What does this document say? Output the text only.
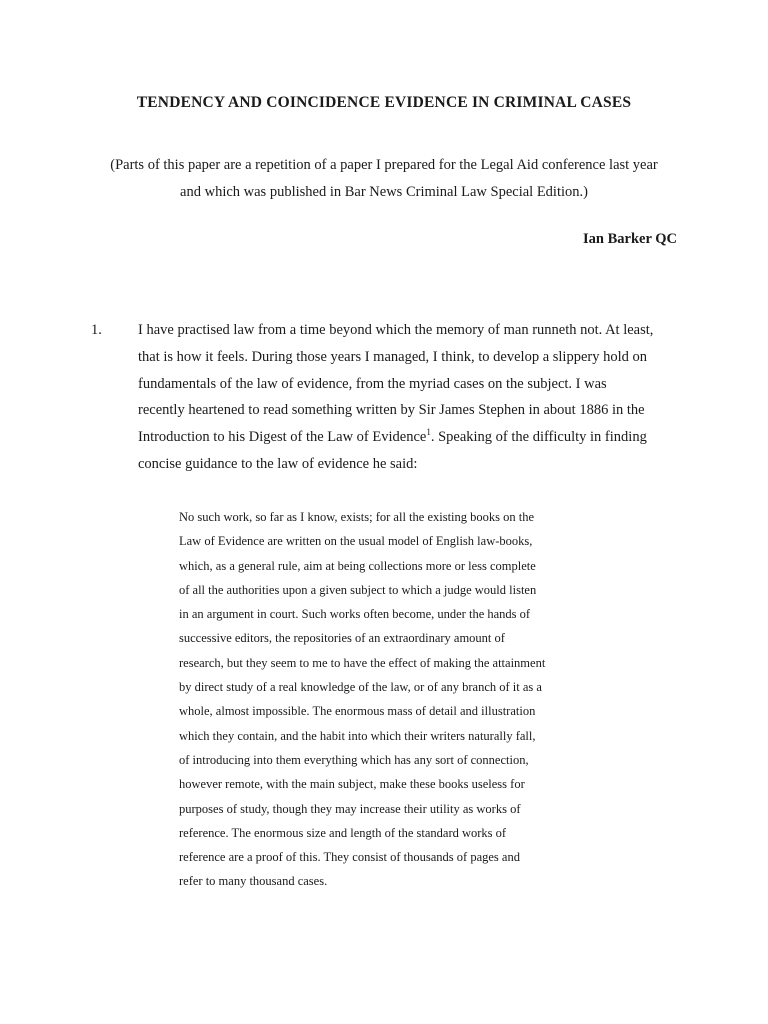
TENDENCY AND COINCIDENCE EVIDENCE IN CRIMINAL CASES
(Parts of this paper are a repetition of a paper I prepared for the Legal Aid conference last year
and which was published in Bar News Criminal Law Special Edition.)
Ian Barker QC
1. I have practised law from a time beyond which the memory of man runneth not. At least,
that is how it feels. During those years I managed, I think, to develop a slippery hold on
fundamentals of the law of evidence, from the myriad cases on the subject. I was
recently heartened to read something written by Sir James Stephen in about 1886 in the
Introduction to his Digest of the Law of Evidence$^1$. Speaking of the difficulty in finding
concise guidance to the law of evidence he said:
No such work, so far as I know, exists; for all the existing books on the
Law of Evidence are written on the usual model of English law-books,
which, as a general rule, aim at being collections more or less complete
of all the authorities upon a given subject to which a judge would listen
in an argument in court. Such works often become, under the hands of
successive editors, the repositories of an extraordinary amount of
research, but they seem to me to have the effect of making the attainment
by direct study of a real knowledge of the law, or of any branch of it as a
whole, almost impossible. The enormous mass of detail and illustration
which they contain, and the habit into which their writers naturally fall,
of introducing into them everything which has any sort of connection,
however remote, with the main subject, make these books useless for
purposes of study, though they may increase their utility as works of
reference. The enormous size and length of the standard works of
reference are a proof of this. They consist of thousands of pages and
refer to many thousand cases.
